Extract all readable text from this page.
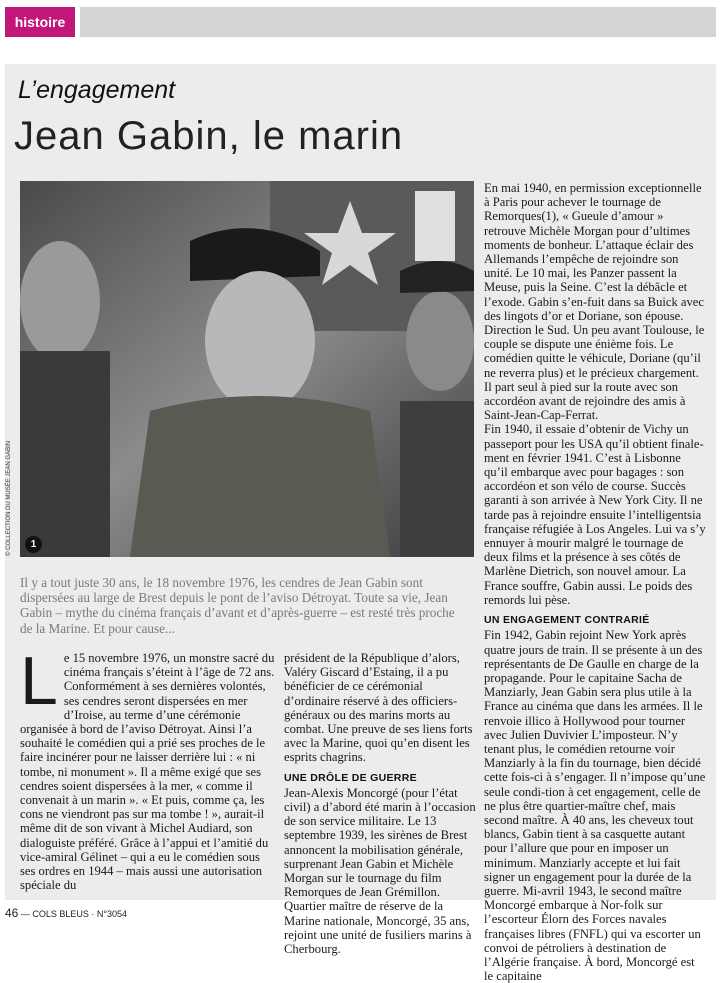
histoire
L’engagement
Jean Gabin, le marin
© COLLECTION DU MUSÉE JEAN GABIN	1

En mai 1940, en permission exceptionnelle à Paris pour achever le tournage de Remorques(1), « Gueule d’amour » retrouve Michèle Morgan pour d’ultimes moments de bonheur. L’attaque éclair des Allemands l’empêche de rejoindre son unité. Le 10 mai, les Panzer passent la Meuse, puis la Seine. C’est la débâcle et l’exode. Gabin s’en-fuit dans sa Buick avec des lingots d’or et Doriane, son épouse. Direction le Sud. Un peu avant Toulouse, le couple se dispute une énième fois. Le comédien quitte le véhicule, Doriane (qu’il ne reverra plus) et le précieux chargement. Il part seul à pied sur la route avec son accordéon avant de rejoindre des amis à Saint-Jean-Cap-Ferrat.

Fin 1940, il essaie d’obtenir de Vichy un passeport pour les USA qu’il obtient finale-ment en février 1941. C’est à Lisbonne qu’il embarque avec pour bagages : son accordéon et son vélo de course. Succès garanti à son arrivée à New York City. Il ne tarde pas à rejoindre ensuite l’intelligentsia française réfugiée à Los Angeles. Lui va s’y ennuyer à mourir malgré le tournage de deux films et la présence à ses côtés de Marlène Dietrich, son nouvel amour. La France souffre, Gabin aussi. Le poids des remords lui pèse.

UN ENGAGEMENT CONTRARIÉ

Fin 1942, Gabin rejoint New York après quatre jours de train. Il se présente à un des représentants de De Gaulle en charge de la propagande. Pour le capitaine Sacha de Manziarly, Jean Gabin sera plus utile à la France au cinéma que dans les armées. Il le renvoie illico à Hollywood pour tourner avec Julien Duvivier L’imposteur. N’y tenant plus, le comédien retourne voir Manziarly à la fin du tournage, bien décidé cette fois-ci à s’engager. Il n’impose qu’une seule condi-tion à cet engagement, celle de ne plus être quartier-maître chef, mais second maître. À 40 ans, les cheveux tout blancs, Gabin tient à sa casquette autant pour l’allure que pour en imposer un minimum. Manziarly accepte et lui fait signer un engagement pour la durée de la guerre. Mi-avril 1943, le second maître Moncorgé embarque à Nor-folk sur l’escorteur Élorn des Forces navales françaises libres (FNFL) qui va escorter un convoi de pétroliers à destination de l’Algérie française. À bord, Moncorgé est le capitaine

Il y a tout juste 30 ans, le 18 novembre 1976, les cendres de Jean Gabin sont dispersées au large de Brest depuis le pont de l’aviso Détroyat. Toute sa vie, Jean Gabin – mythe du cinéma français d’avant et d’après-guerre – est resté très proche de la Marine. Et pour cause...
L e 15 novembre 1976, un monstre sacré du cinéma français s’éteint à l’âge de 72 ans. Conformément à ses dernières volontés, ses cendres seront dispersées en mer d’Iroise, au terme d’une cérémonie organisée à bord de l’aviso Détroyat. Ainsi l’a souhaité le comédien qui a prié ses proches de le faire incinérer pour ne laisser derrière lui : « ni tombe, ni monument ». Il a même exigé que ses cendres soient dispersées à la mer, « comme il convenait à un marin ». « Et puis, comme ça, les cons ne viendront pas sur ma tombe ! », aurait-il même dit de son vivant à Michel Audiard, son dialoguiste préféré. Grâce à l’appui et l’amitié du vice-amiral Gélinet – qui a eu le comédien sous ses ordres en 1944 – mais aussi une autorisation spéciale du

président de la République d’alors, Valéry Giscard d’Estaing, il a pu bénéficier de ce cérémonial d’ordinaire réservé à des officiers-généraux ou des marins morts au combat. Une preuve de ses liens forts avec la Marine, quoi qu’en disent les esprits chagrins.

UNE DRÔLE DE GUERRE

Jean-Alexis Moncorgé (pour l’état civil) a d’abord été marin à l’occasion de son service militaire. Le 13 septembre 1939, les sirènes de Brest annoncent la mobilisation générale, surprenant Jean Gabin et Michèle Morgan sur le tournage du film Remorques de Jean Grémillon. Quartier maître de réserve de la Marine nationale, Moncorgé, 35 ans, rejoint une unité de fusiliers marins à Cherbourg.

46 — COLS BLEUS · N°3054
